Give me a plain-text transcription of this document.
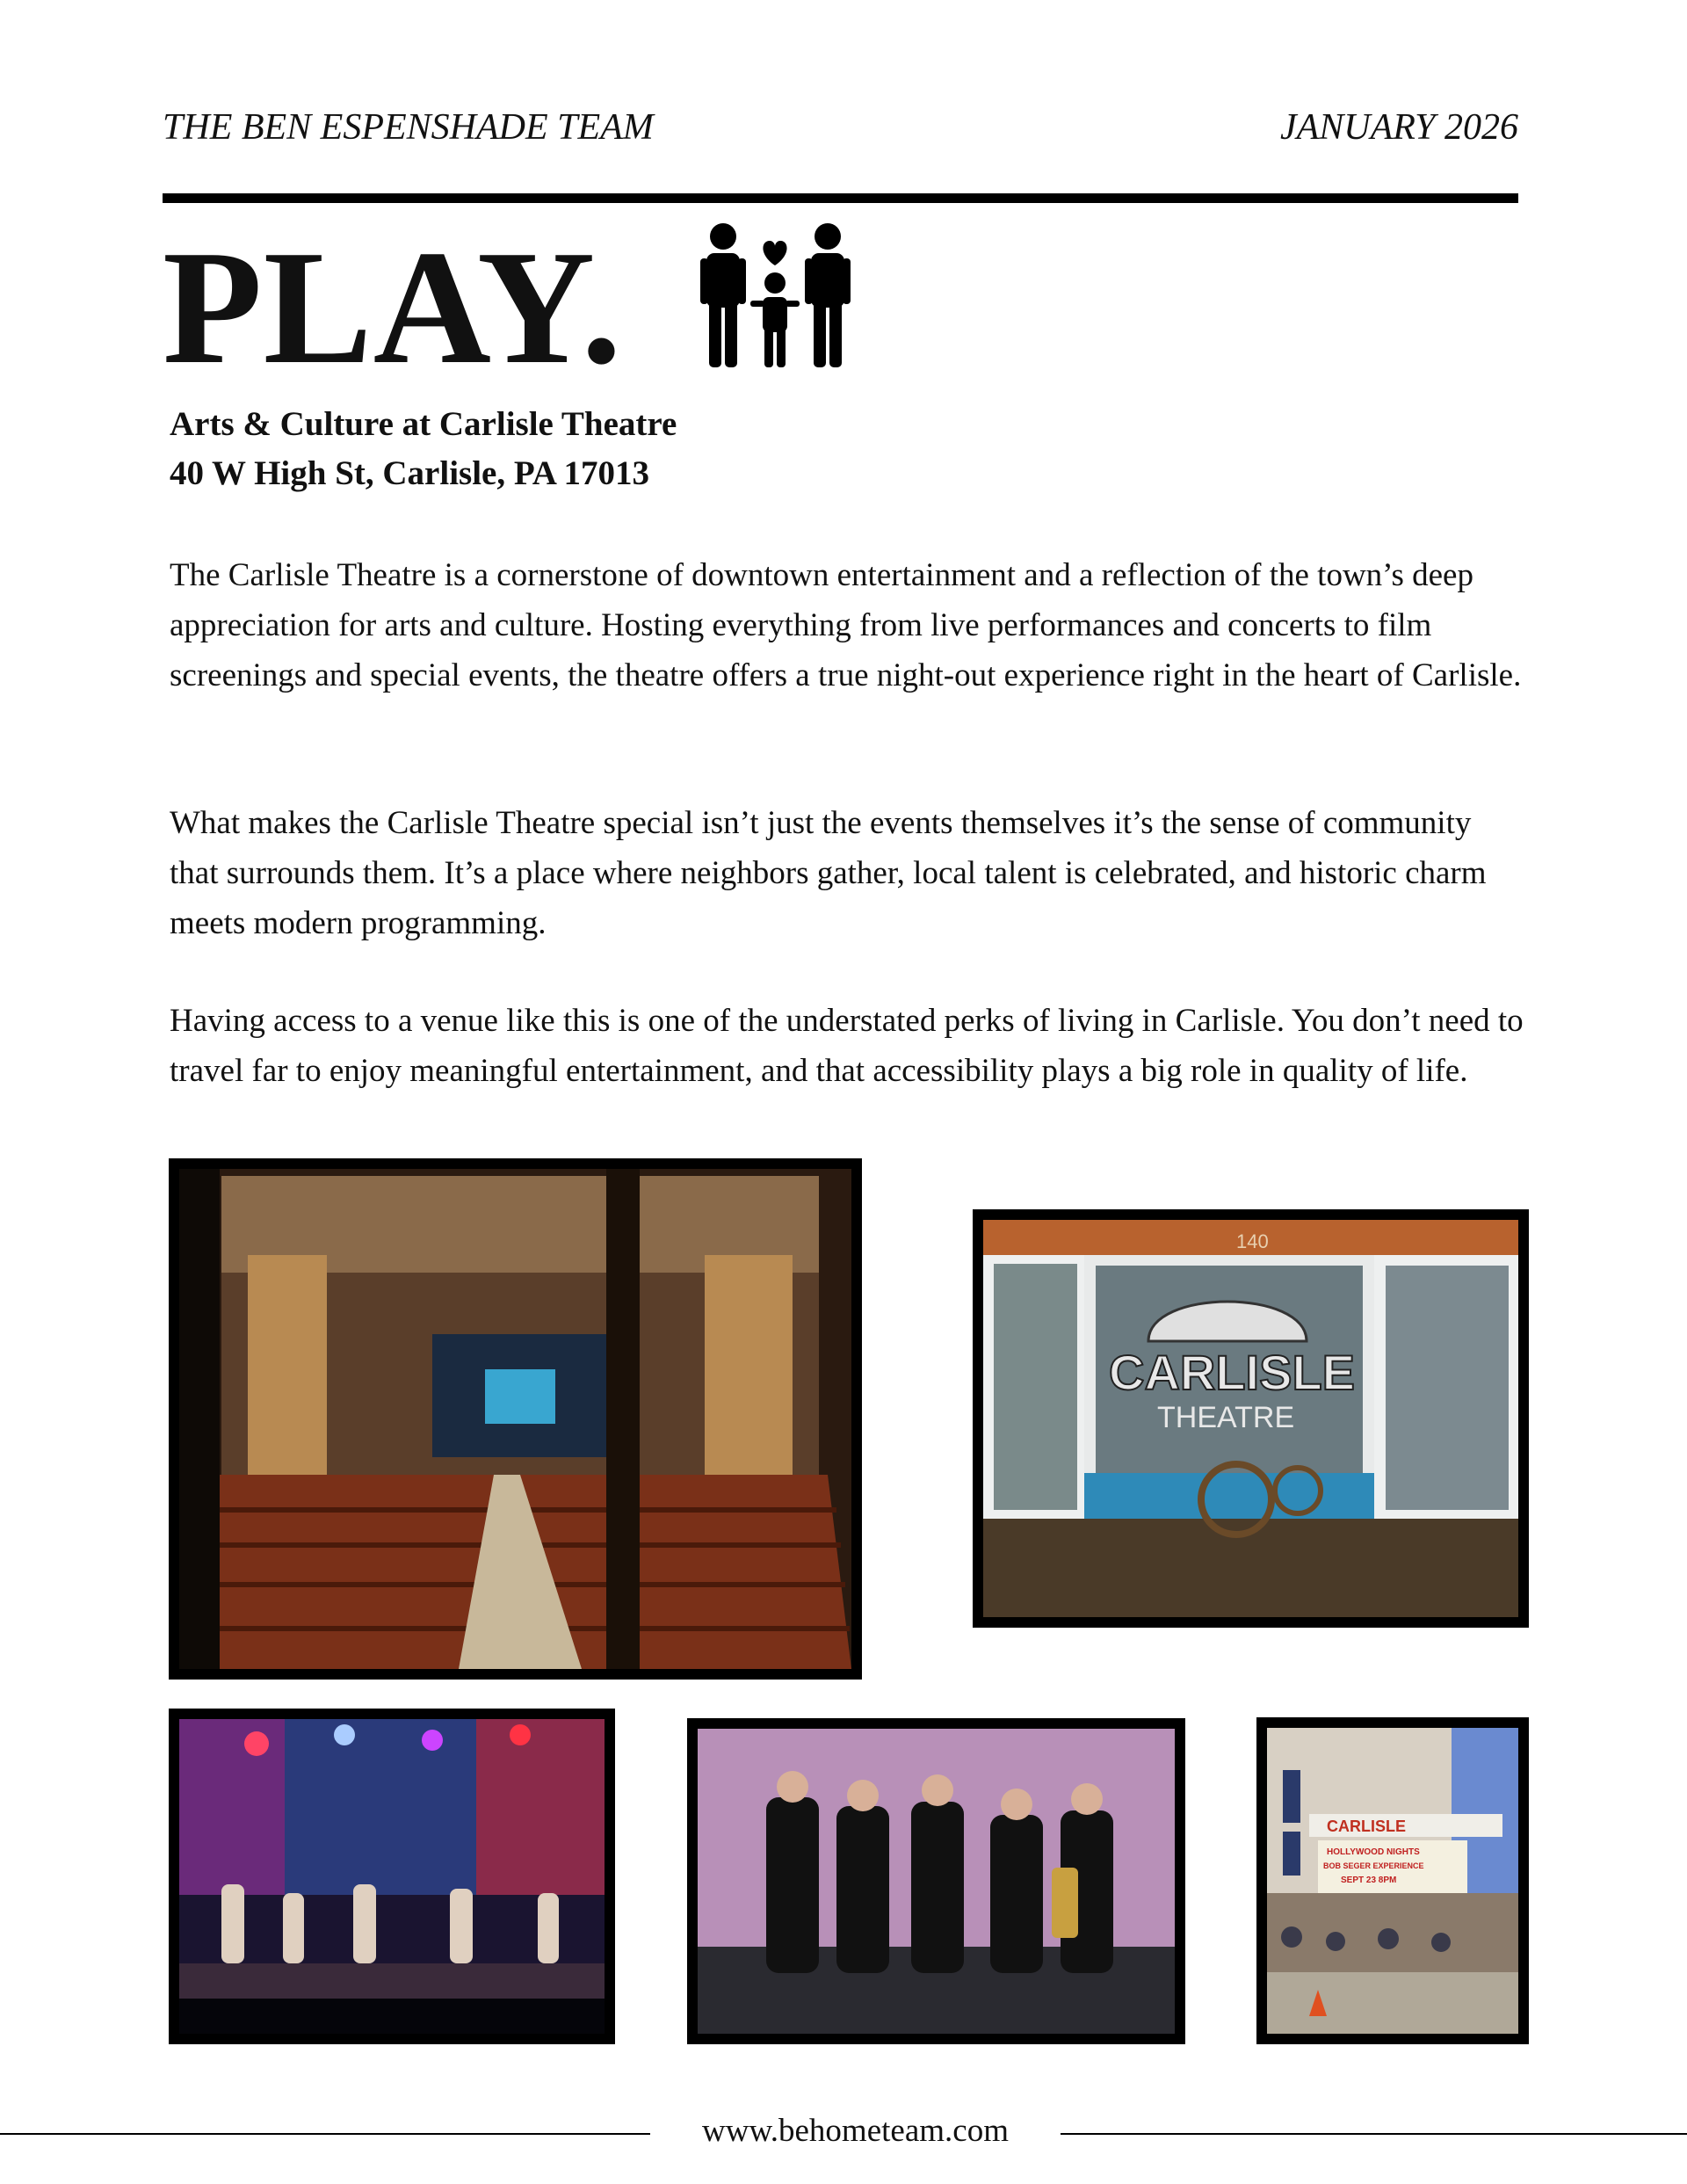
THE BEN ESPENSHADE TEAM	JANUARY 2026
PLAY.
Arts & Culture at Carlisle Theatre
40 W High St, Carlisle, PA 17013

The Carlisle Theatre is a cornerstone of downtown entertainment and a reflection of the town’s deep appreciation for arts and culture. Hosting everything from live performances and concerts to film screenings and special events, the theatre offers a true night-out experience right in the heart of Carlisle.

What makes the Carlisle Theatre special isn’t just the events themselves it’s the sense of community that surrounds them. It’s a place where neighbors gather, local talent is celebrated, and historic charm meets modern programming.

Having access to a venue like this is one of the understated perks of living in Carlisle. You don’t need to travel far to enjoy meaningful entertainment, and that accessibility plays a big role in quality of life.

140
CARLISLE
THEATRE
CARLISLE
HOLLYWOOD NIGHTS
BOB SEGER EXPERIENCE
SEPT 23 8PM
www.behometeam.com
